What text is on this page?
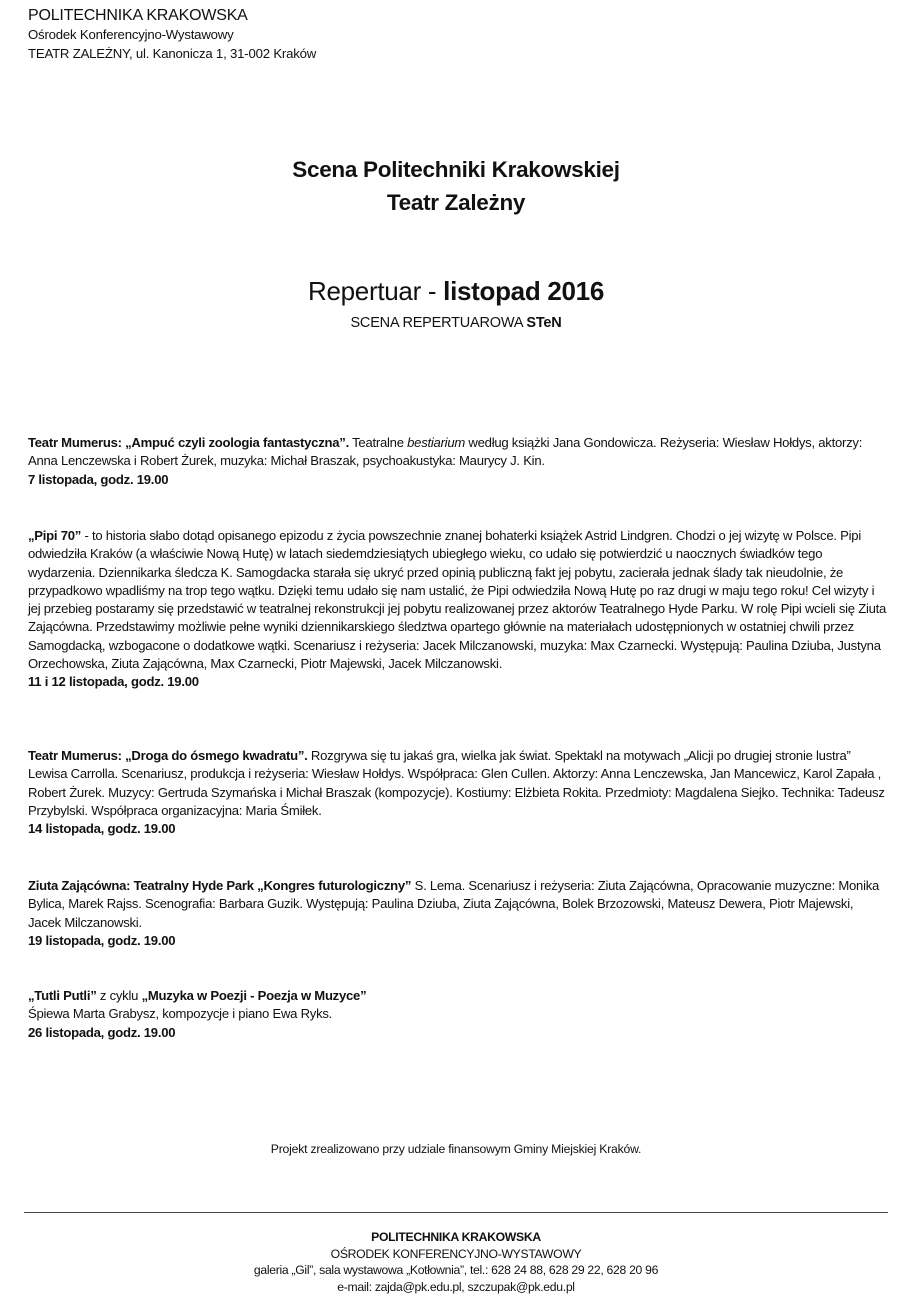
POLITECHNIKA KRAKOWSKA
Ośrodek Konferencyjno-Wystawowy
TEATR ZALEŻNY, ul. Kanonicza 1, 31-002 Kraków
Scena Politechniki Krakowskiej
Teatr Zależny
Repertuar - listopad 2016
SCENA REPERTUAROWA STeN
Teatr Mumerus: „Ampuć czyli zoologia fantastyczna”. Teatralne bestiarium według książki Jana Gondowicza. Reżyseria: Wiesław Hołdys, aktorzy: Anna Lenczewska i Robert Żurek, muzyka: Michał Braszak, psychoakustyka: Maurycy J. Kin.
7 listopada, godz. 19.00
„Pipi 70” - to historia słabo dotąd opisanego epizodu z życia powszechnie znanej bohaterki książek Astrid Lindgren. Chodzi o jej wizytę w Polsce. Pipi odwiedziła Kraków (a właściwie Nową Hutę) w latach siedemdziesiątych ubiegłego wieku, co udało się potwierdzić u naocznych świadków tego wydarzenia. Dziennikarka śledcza K. Samogdacka starała się ukryć przed opinią publiczną fakt jej pobytu, zacierała jednak ślady tak nieudolnie, że przypadkowo wpadliśmy na trop tego wątku. Dzięki temu udało się nam ustalić, że Pipi odwiedziła Nową Hutę po raz drugi w maju tego roku! Cel wizyty i jej przebieg postaramy się przedstawić w teatralnej rekonstrukcji jej pobytu realizowanej przez aktorów Teatralnego Hyde Parku. W rolę Pipi wcieli się Ziuta Zającówna. Przedstawimy możliwie pełne wyniki dziennikarskiego śledztwa opartego głównie na materiałach udostępnionych w ostatniej chwili przez Samogdacką, wzbogacone o dodatkowe wątki. Scenariusz i reżyseria: Jacek Milczanowski, muzyka: Max Czarnecki. Występują: Paulina Dziuba, Justyna Orzechowska, Ziuta Zającówna, Max Czarnecki, Piotr Majewski, Jacek Milczanowski.
11 i 12 listopada, godz. 19.00
Teatr Mumerus: „Droga do ósmego kwadratu”. Rozgrywa się tu jakaś gra, wielka jak świat. Spektakl na motywach „Alicji po drugiej stronie lustra” Lewisa Carrolla. Scenariusz, produkcja i reżyseria: Wiesław Hołdys. Współpraca: Glen Cullen. Aktorzy: Anna Lenczewska, Jan Mancewicz, Karol Zapała , Robert Żurek. Muzycy: Gertruda Szymańska i Michał Braszak (kompozycje). Kostiumy: Elżbieta Rokita. Przedmioty: Magdalena Siejko. Technika: Tadeusz Przybylski. Współpraca organizacyjna: Maria Śmiłek.
14 listopada, godz. 19.00
Ziuta Zającówna: Teatralny Hyde Park „Kongres futurologiczny” S. Lema. Scenariusz i reżyseria: Ziuta Zającówna, Opracowanie muzyczne: Monika Bylica, Marek Rajss. Scenografia: Barbara Guzik. Występują: Paulina Dziuba, Ziuta Zającówna, Bolek Brzozowski, Mateusz Dewera, Piotr Majewski, Jacek Milczanowski.
19 listopada, godz. 19.00
„Tutli Putli” z cyklu „Muzyka w Poezji - Poezja w Muzyce”
Śpiewa Marta Grabysz, kompozycje i piano Ewa Ryks.
26 listopada, godz. 19.00
Projekt zrealizowano przy udziale finansowym Gminy Miejskiej Kraków.
POLITECHNIKA KRAKOWSKA
OŚRODEK KONFERENCYJNO-WYSTAWOWY
galeria „Gil”, sala wystawowa „Kotłownia”, tel.: 628 24 88, 628 29 22, 628 20 96
e-mail: zajda@pk.edu.pl, szczupak@pk.edu.pl
